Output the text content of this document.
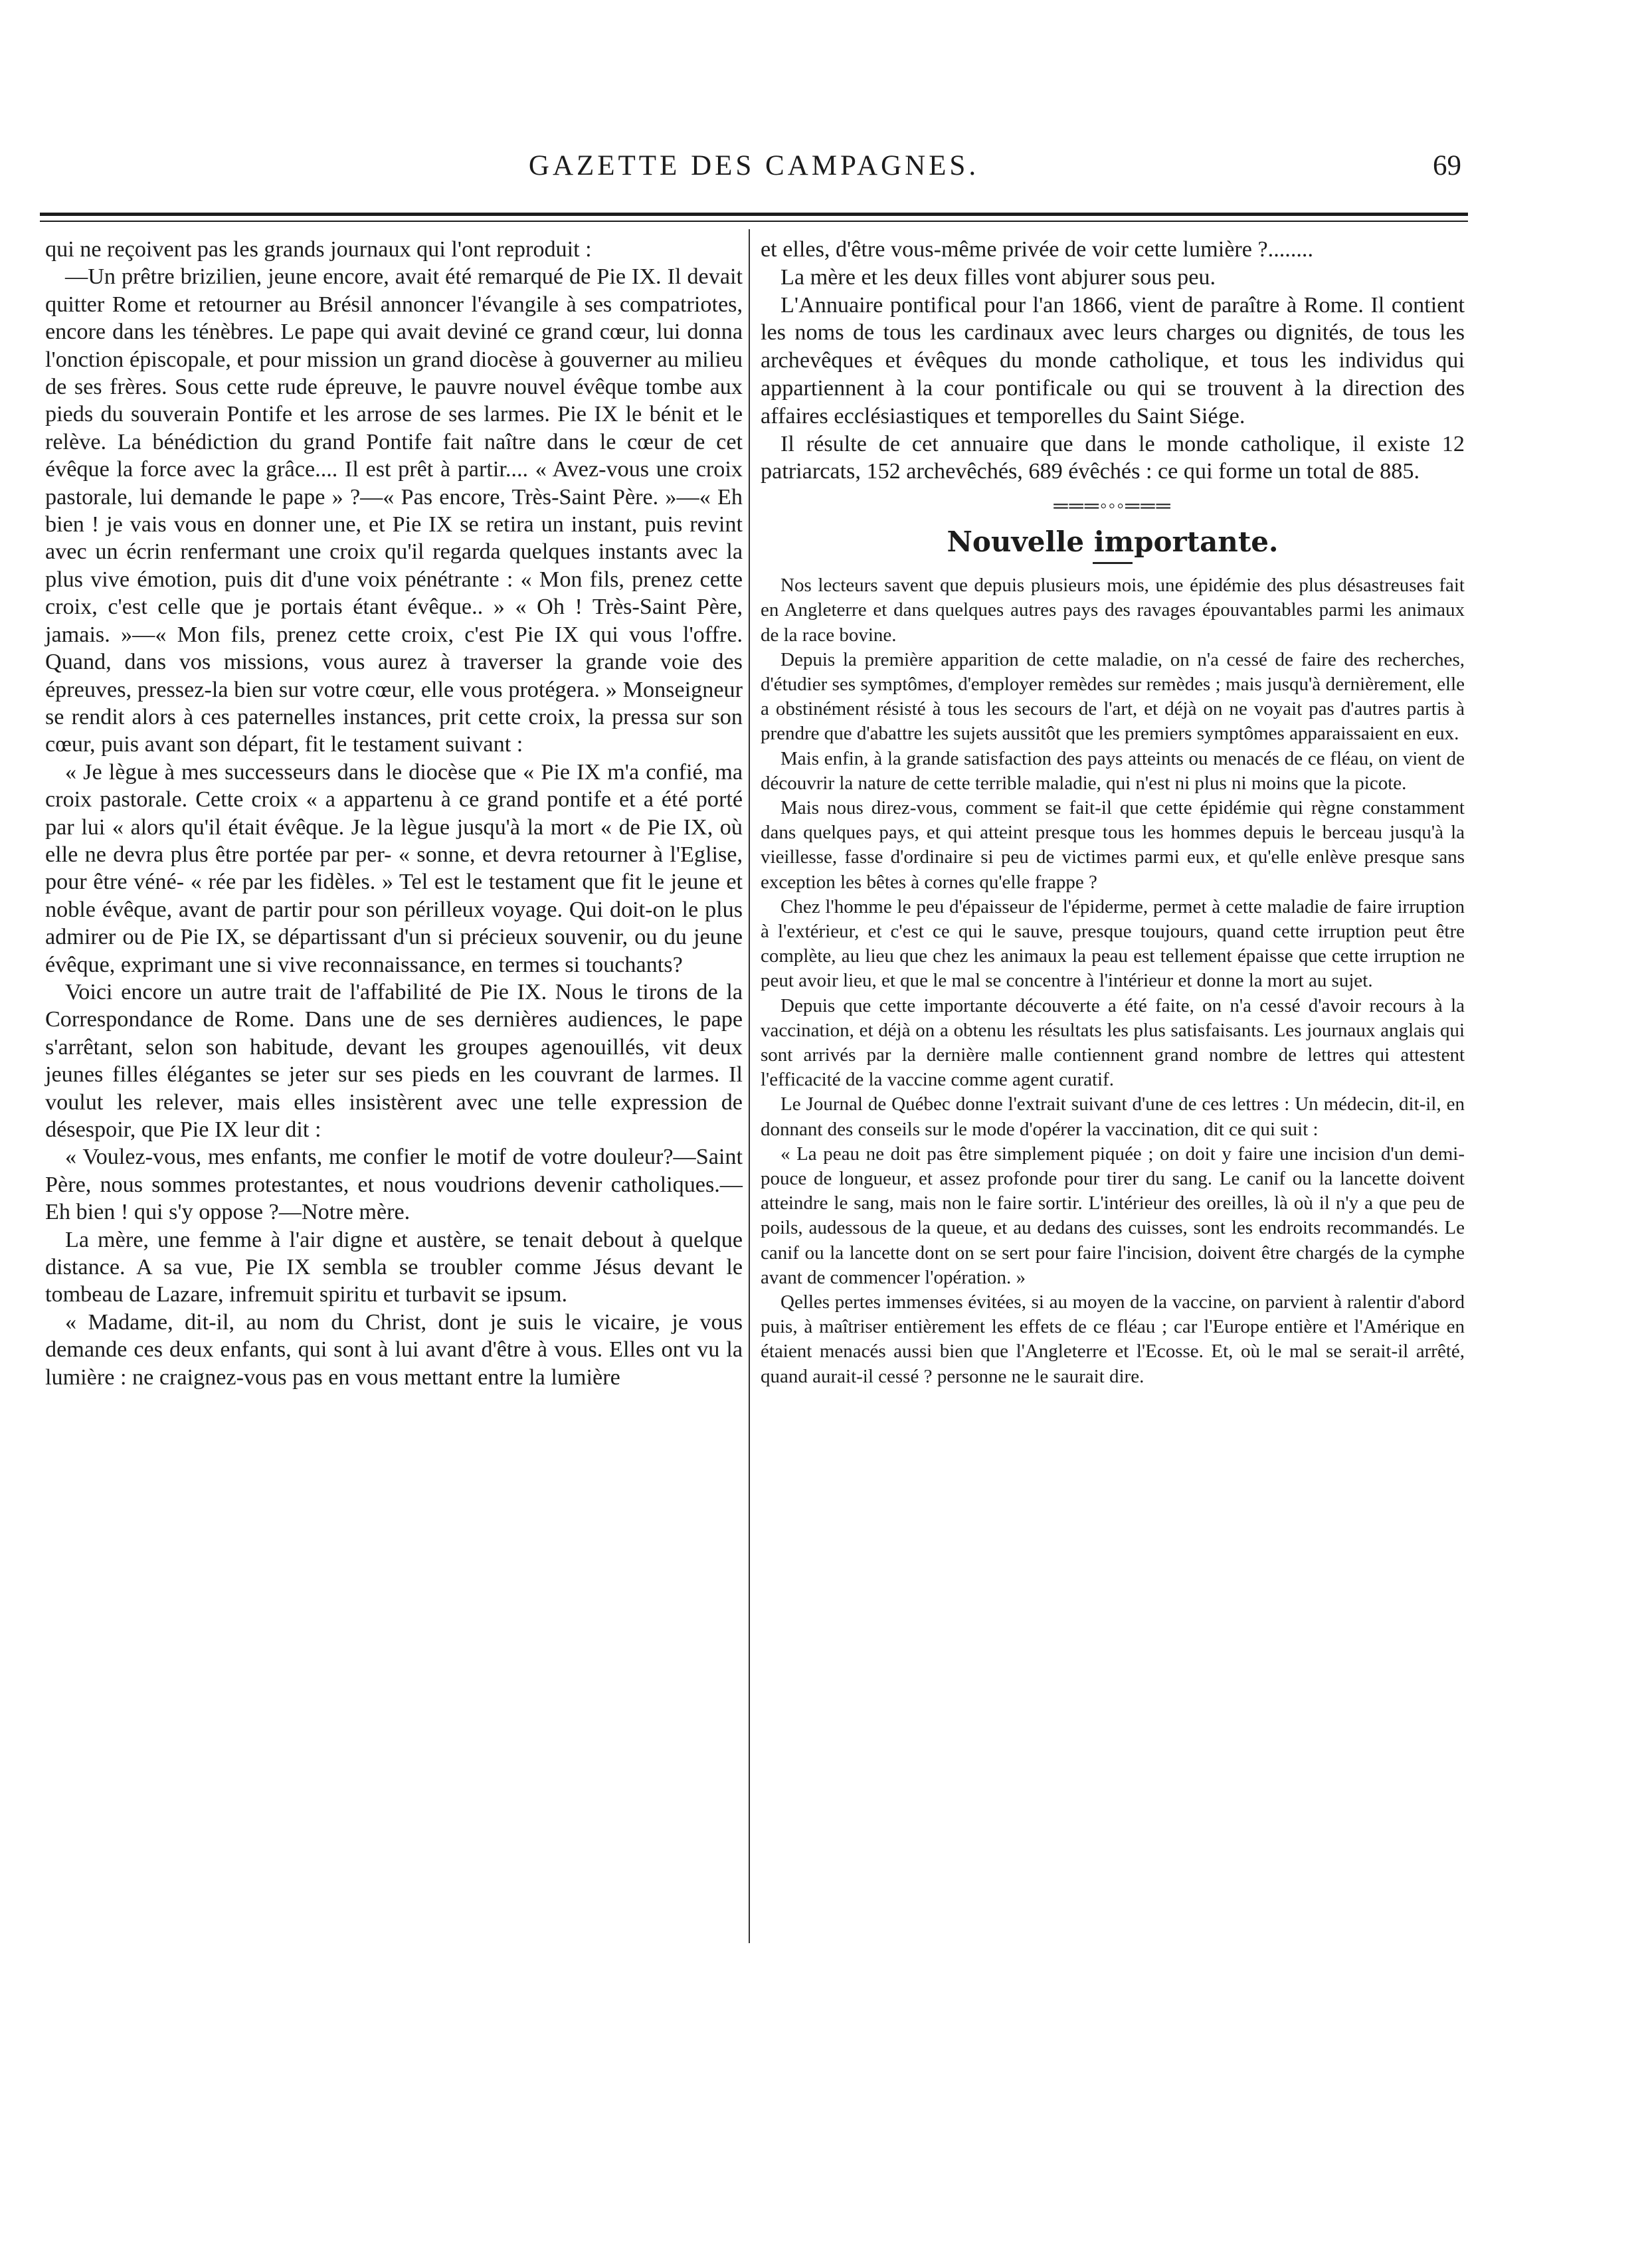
GAZETTE DES CAMPAGNES.	69

qui ne reçoivent pas les grands journaux qui l'ont reproduit :

—Un prêtre brizilien, jeune encore, avait été remarqué de Pie IX. Il devait quitter Rome et retourner au Brésil annoncer l'évangile à ses compatriotes, encore dans les ténèbres. Le pape qui avait deviné ce grand cœur, lui donna l'onction épiscopale, et pour mission un grand diocèse à gouverner au milieu de ses frères. Sous cette rude épreuve, le pauvre nouvel évêque tombe aux pieds du souverain Pontife et les arrose de ses larmes. Pie IX le bénit et le relève. La bénédiction du grand Pontife fait naître dans le cœur de cet évêque la force avec la grâce.... Il est prêt à partir.... « Avez-vous une croix pastorale, lui demande le pape » ?—« Pas encore, Très-Saint Père. »—« Eh bien ! je vais vous en donner une, et Pie IX se retira un instant, puis revint avec un écrin renfermant une croix qu'il regarda quelques instants avec la plus vive émotion, puis dit d'une voix pénétrante : « Mon fils, prenez cette croix, c'est celle que je portais étant évêque.. » « Oh ! Très-Saint Père, jamais. »—« Mon fils, prenez cette croix, c'est Pie IX qui vous l'offre. Quand, dans vos missions, vous aurez à traverser la grande voie des épreuves, pressez-la bien sur votre cœur, elle vous protégera. » Monseigneur se rendit alors à ces paternelles instances, prit cette croix, la pressa sur son cœur, puis avant son départ, fit le testament suivant :

« Je lègue à mes successeurs dans le diocèse que « Pie IX m'a confié, ma croix pastorale. Cette croix « a appartenu à ce grand pontife et a été porté par lui « alors qu'il était évêque. Je la lègue jusqu'à la mort « de Pie IX, où elle ne devra plus être portée par per- « sonne, et devra retourner à l'Eglise, pour être véné- « rée par les fidèles. » Tel est le testament que fit le jeune et noble évêque, avant de partir pour son périlleux voyage. Qui doit-on le plus admirer ou de Pie IX, se départissant d'un si précieux souvenir, ou du jeune évêque, exprimant une si vive reconnaissance, en termes si touchants?

Voici encore un autre trait de l'affabilité de Pie IX. Nous le tirons de la Correspondance de Rome. Dans une de ses dernières audiences, le pape s'arrêtant, selon son habitude, devant les groupes agenouillés, vit deux jeunes filles élégantes se jeter sur ses pieds en les couvrant de larmes. Il voulut les relever, mais elles insistèrent avec une telle expression de désespoir, que Pie IX leur dit :

« Voulez-vous, mes enfants, me confier le motif de votre douleur?—Saint Père, nous sommes protestantes, et nous voudrions devenir catholiques.—Eh bien ! qui s'y oppose ?—Notre mère.

La mère, une femme à l'air digne et austère, se tenait debout à quelque distance. A sa vue, Pie IX sembla se troubler comme Jésus devant le tombeau de Lazare, infremuit spiritu et turbavit se ipsum.

« Madame, dit-il, au nom du Christ, dont je suis le vicaire, je vous demande ces deux enfants, qui sont à lui avant d'être à vous. Elles ont vu la lumière : ne craignez-vous pas en vous mettant entre la lumière

et elles, d'être vous-même privée de voir cette lumière ?........

La mère et les deux filles vont abjurer sous peu.

L'Annuaire pontifical pour l'an 1866, vient de paraître à Rome. Il contient les noms de tous les cardinaux avec leurs charges ou dignités, de tous les archevêques et évêques du monde catholique, et tous les individus qui appartiennent à la cour pontificale ou qui se trouvent à la direction des affaires ecclésiastiques et temporelles du Saint Siége.

Il résulte de cet annuaire que dans le monde catholique, il existe 12 patriarcats, 152 archevêchés, 689 évêchés : ce qui forme un total de 885.

═══◦◦◦═══
Nouvelle importante.

Nos lecteurs savent que depuis plusieurs mois, une épidémie des plus désastreuses fait en Angleterre et dans quelques autres pays des ravages épouvantables parmi les animaux de la race bovine.

Depuis la première apparition de cette maladie, on n'a cessé de faire des recherches, d'étudier ses symptômes, d'employer remèdes sur remèdes ; mais jusqu'à dernièrement, elle a obstinément résisté à tous les secours de l'art, et déjà on ne voyait pas d'autres partis à prendre que d'abattre les sujets aussitôt que les premiers symptômes apparaissaient en eux.

Mais enfin, à la grande satisfaction des pays atteints ou menacés de ce fléau, on vient de découvrir la nature de cette terrible maladie, qui n'est ni plus ni moins que la picote.

Mais nous direz-vous, comment se fait-il que cette épidémie qui règne constamment dans quelques pays, et qui atteint presque tous les hommes depuis le berceau jusqu'à la vieillesse, fasse d'ordinaire si peu de victimes parmi eux, et qu'elle enlève presque sans exception les bêtes à cornes qu'elle frappe ?

Chez l'homme le peu d'épaisseur de l'épiderme, permet à cette maladie de faire irruption à l'extérieur, et c'est ce qui le sauve, presque toujours, quand cette irruption peut être complète, au lieu que chez les animaux la peau est tellement épaisse que cette irruption ne peut avoir lieu, et que le mal se concentre à l'intérieur et donne la mort au sujet.

Depuis que cette importante découverte a été faite, on n'a cessé d'avoir recours à la vaccination, et déjà on a obtenu les résultats les plus satisfaisants. Les journaux anglais qui sont arrivés par la dernière malle contiennent grand nombre de lettres qui attestent l'efficacité de la vaccine comme agent curatif.

Le Journal de Québec donne l'extrait suivant d'une de ces lettres : Un médecin, dit-il, en donnant des conseils sur le mode d'opérer la vaccination, dit ce qui suit :

« La peau ne doit pas être simplement piquée ; on doit y faire une incision d'un demi-pouce de longueur, et assez profonde pour tirer du sang. Le canif ou la lancette doivent atteindre le sang, mais non le faire sortir. L'intérieur des oreilles, là où il n'y a que peu de poils, audessous de la queue, et au dedans des cuisses, sont les endroits recommandés. Le canif ou la lancette dont on se sert pour faire l'incision, doivent être chargés de la cymphe avant de commencer l'opération. »

Qelles pertes immenses évitées, si au moyen de la vaccine, on parvient à ralentir d'abord puis, à maîtriser entièrement les effets de ce fléau ; car l'Europe entière et l'Amérique en étaient menacés aussi bien que l'Angleterre et l'Ecosse. Et, où le mal se serait-il arrêté, quand aurait-il cessé ? personne ne le saurait dire.
